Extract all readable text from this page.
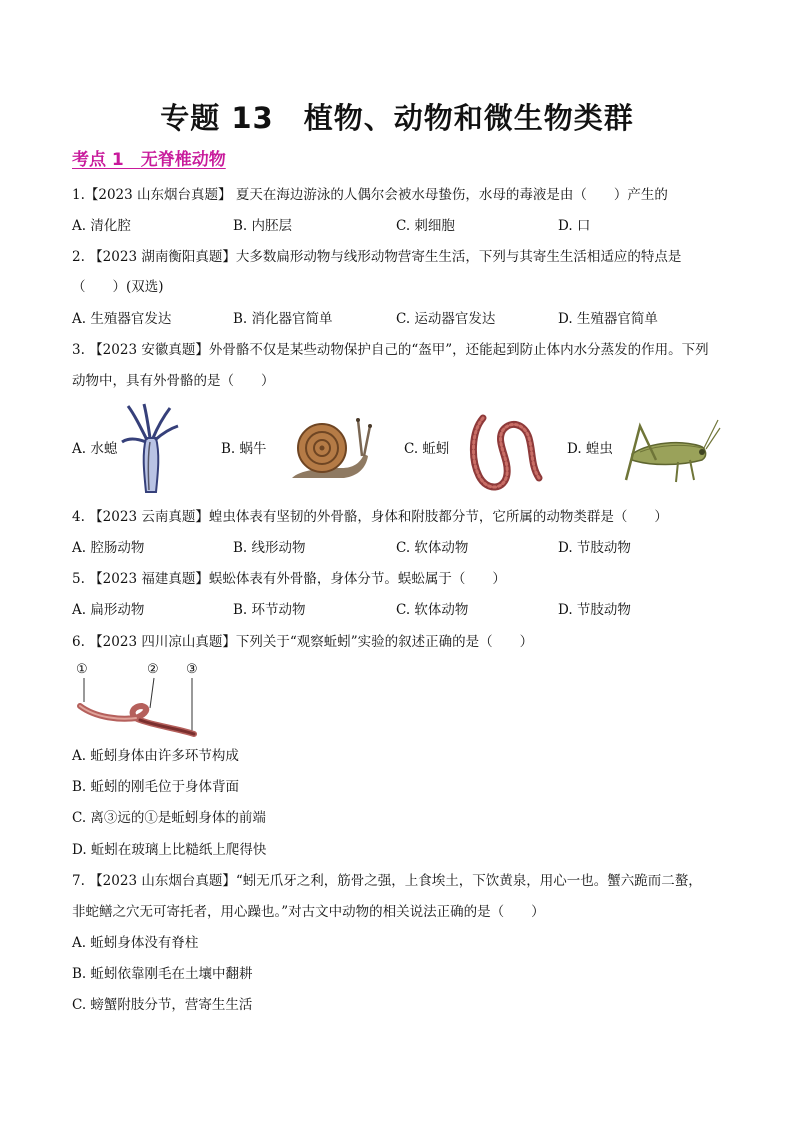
专题 13　植物、动物和微生物类群
考点 1　无脊椎动物
1.【2023 山东烟台真题】 夏天在海边游泳的人偶尔会被水母蛰伤，水母的毒液是由（　　）产生的
A. 清化腔	B. 内胚层	C. 刺细胞	D. 口
2. 【2023 湖南衡阳真题】大多数扁形动物与线形动物营寄生生活，下列与其寄生生活相适应的特点是
（　　）(双选)
A. 生殖器官发达	B. 消化器官简单	C. 运动器官发达	D. 生殖器官简单
3. 【2023 安徽真题】外骨骼不仅是某些动物保护自己的“盔甲”，还能起到防止体内水分蒸发的作用。下列
动物中，具有外骨骼的是（　　）
A. 水螅	B. 蜗牛	C. 蚯蚓	D. 蝗虫
4. 【2023 云南真题】蝗虫体表有坚韧的外骨骼，身体和附肢都分节，它所属的动物类群是（　　）
A. 腔肠动物	B. 线形动物	C. 软体动物	D. 节肢动物
5. 【2023 福建真题】蜈蚣体表有外骨骼，身体分节。蜈蚣属于（　　）
A. 扁形动物	B. 环节动物	C. 软体动物	D. 节肢动物
6. 【2023 四川凉山真题】下列关于“观察蚯蚓”实验的叙述正确的是（　　）
①	② ③
A. 蚯蚓身体由许多环节构成
B. 蚯蚓的刚毛位于身体背面
C. 离③远的①是蚯蚓身体的前端
D. 蚯蚓在玻璃上比糙纸上爬得快
7. 【2023 山东烟台真题】“蚓无爪牙之利，筋骨之强，上食埃土，下饮黄泉，用心一也。蟹六跪而二螯，
非蛇鳝之穴无可寄托者，用心躁也。”对古文中动物的相关说法正确的是（　　）
A. 蚯蚓身体没有脊柱
B. 蚯蚓依靠刚毛在土壤中翻耕
C. 螃蟹附肢分节，营寄生生活
